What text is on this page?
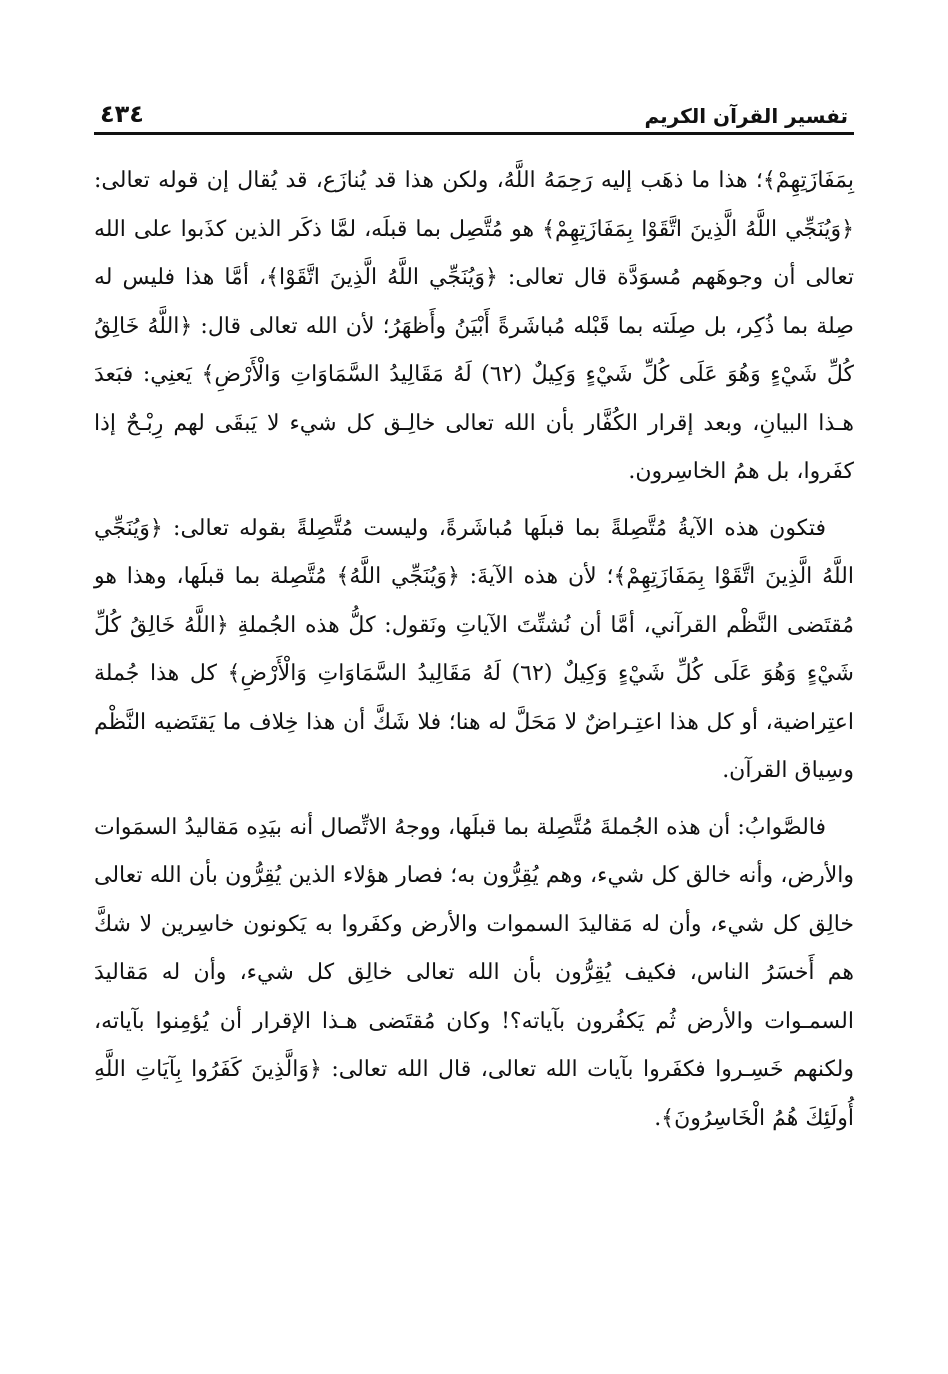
تفسير القرآن الكريم
٤٣٤

بِمَفَازَتِهِمْ﴾؛ هذا ما ذهَب إليه رَحِمَهُ اللَّهُ، ولكن هذا قد يُنازَع، قد يُقال إن قوله تعالى: ﴿وَيُنَجِّي اللَّهُ الَّذِينَ اتَّقَوْا بِمَفَازَتِهِمْ﴾ هو مُتَّصِل بما قبلَه، لمَّا ذكَر الذين كذَبوا على الله تعالى أن وجوهَهم مُسوَدَّة قال تعالى: ﴿وَيُنَجِّي اللَّهُ الَّذِينَ اتَّقَوْا﴾، أمَّا هذا فليس له صِلة بما ذُكِر، بل صِلَته بما قَبْله مُباشَرةً أَبْيَنُ وأَظهَرُ؛ لأن الله تعالى قال: ﴿اللَّهُ خَالِقُ كُلِّ شَيْءٍ وَهُوَ عَلَى كُلِّ شَيْءٍ وَكِيلٌ (٦٢) لَهُ مَقَالِيدُ السَّمَاوَاتِ وَالْأَرْضِ﴾ يَعنِي: فبَعدَ هـذا البيانِ، وبعد إقرار الكُفَّار بأن الله تعالى خالِـق كل شيء لا يَبقَى لهم رِبْـحٌ إذا كفَروا، بل همُ الخاسِرون.

فتكون هذه الآيةُ مُتَّصِلةً بما قبلَها مُباشَرةً، وليست مُتَّصِلةً بقوله تعالى: ﴿وَيُنَجِّي اللَّهُ الَّذِينَ اتَّقَوْا بِمَفَازَتِهِمْ﴾؛ لأن هذه الآيةَ: ﴿وَيُنَجِّي اللَّهُ﴾ مُتَّصِلة بما قبلَها، وهذا هو مُقتَضى النَّظْم القرآني، أمَّا أن نُشتِّتَ الآياتِ ونَقول: كلُّ هذه الجُملةِ ﴿اللَّهُ خَالِقُ كُلِّ شَيْءٍ وَهُوَ عَلَى كُلِّ شَيْءٍ وَكِيلٌ (٦٢) لَهُ مَقَالِيدُ السَّمَاوَاتِ وَالْأَرْضِ﴾ كل هذا جُملة اعتِراضية، أو كل هذا اعتِـراضٌ لا مَحَلَّ له هنا؛ فلا شَكَّ أن هذا خِلاف ما يَقتَضيه النَّظْم وسِياق القرآن.

فالصَّوابُ: أن هذه الجُملةَ مُتَّصِلة بما قبلَها، ووجهُ الاتِّصال أنه بيَدِه مَقاليدُ السمَوات والأرض، وأنه خالق كل شيء، وهم يُقِرُّون به؛ فصار هؤلاء الذين يُقِرُّون بأن الله تعالى خالِق كل شيء، وأن له مَقاليدَ السموات والأرض وكفَروا به يَكونون خاسِرين لا شكَّ هم أَخسَرُ الناس، فكيف يُقِرُّون بأن الله تعالى خالِق كل شيء، وأن له مَقاليدَ السمـوات والأرض ثُم يَكفُرون بآياته؟! وكان مُقتَضى هـذا الإقرار أن يُؤمِنوا بآياته، ولكنهم خَسِـروا فكفَروا بآيات الله تعالى، قال الله تعالى: ﴿وَالَّذِينَ كَفَرُوا بِآيَاتِ اللَّهِ أُولَئِكَ هُمُ الْخَاسِرُونَ﴾.
